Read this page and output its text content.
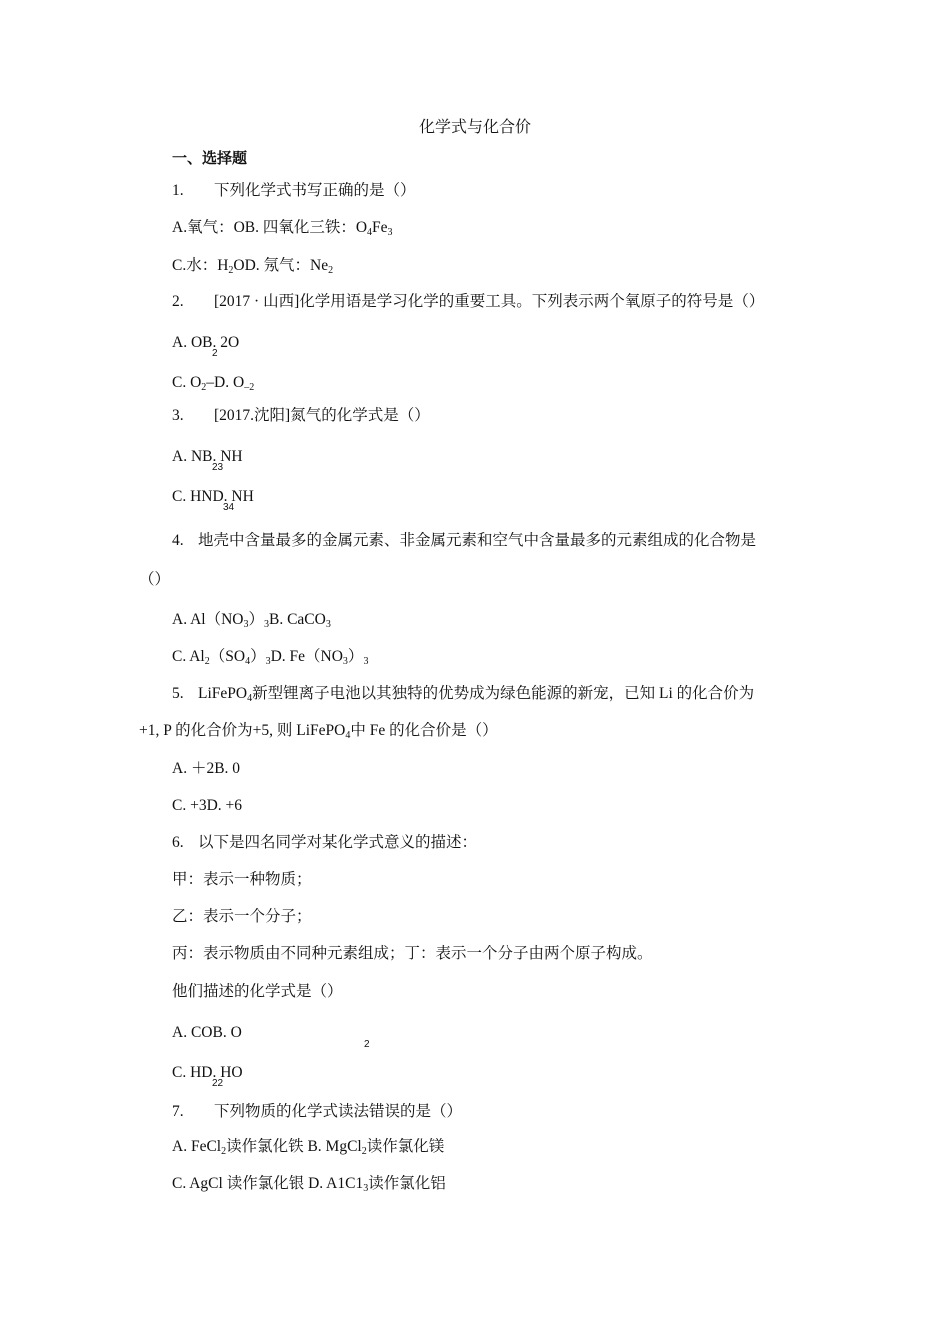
化学式与化合价
一、选择题
1. 下列化学式书写正确的是（）
A.氧气：OB. 四氧化三铁：$O_4Fe_3$
C.水：$H_2OD$. 氖气：$Ne_2$
2. [2017 · 山西]化学用语是学习化学的重要工具。下列表示两个氧原子的符号是（）
A. OB. 2O
2
C. O2–D. O–2
3. [2017.沈阳]氮气的化学式是（）
A. NB. NH
23
C. HND. NH
34
4. 地壳中含量最多的金属元素、非金属元素和空气中含量最多的元素组成的化合物是
（）
A. $Al(NO_3)_3B$. CaCO$_3$
C. $Al_2(SO_4)_3D$. $Fe(NO_3)_3$
5. LiFePO$_4$新型锂离子电池以其独特的优势成为绿色能源的新宠，已知 Li 的化合价为
+1, P 的化合价为+5, 则 LiFePO$_4$中 Fe 的化合价是（）
A. ＋2B. 0
C. +3D. +6
6. 以下是四名同学对某化学式意义的描述：
甲：表示一种物质；
乙：表示一个分子；
丙：表示物质由不同种元素组成；丁：表示一个分子由两个原子构成。
他们描述的化学式是（）
A. COB. O
2
C. HD. HO
22
7. 下列物质的化学式读法错误的是（）
A. FeCl$_2$读作氯化铁 B. MgCl$_2$读作氯化镁
C. AgCl 读作氯化银 D. $A1C1_3$读作氯化铝
